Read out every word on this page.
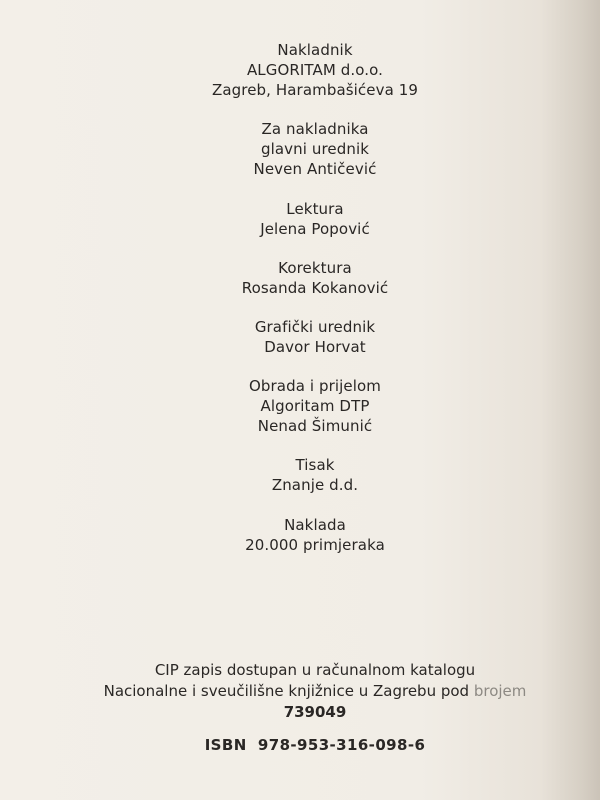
Nakladnik
ALGORITAM d.o.o.
Zagreb, Harambašićeva 19
Za nakladnika
glavni urednik
Neven Antičević
Lektura
Jelena Popović
Korektura
Rosanda Kokanović
Grafički urednik
Davor Horvat
Obrada i prijelom
Algoritam DTP
Nenad Šimunić
Tisak
Znanje d.d.
Naklada
20.000 primjeraka
CIP zapis dostupan u računalnom katalogu
Nacionalne i sveučilišne knjižnice u Zagrebu pod brojem
739049
ISBN  978-953-316-098-6
